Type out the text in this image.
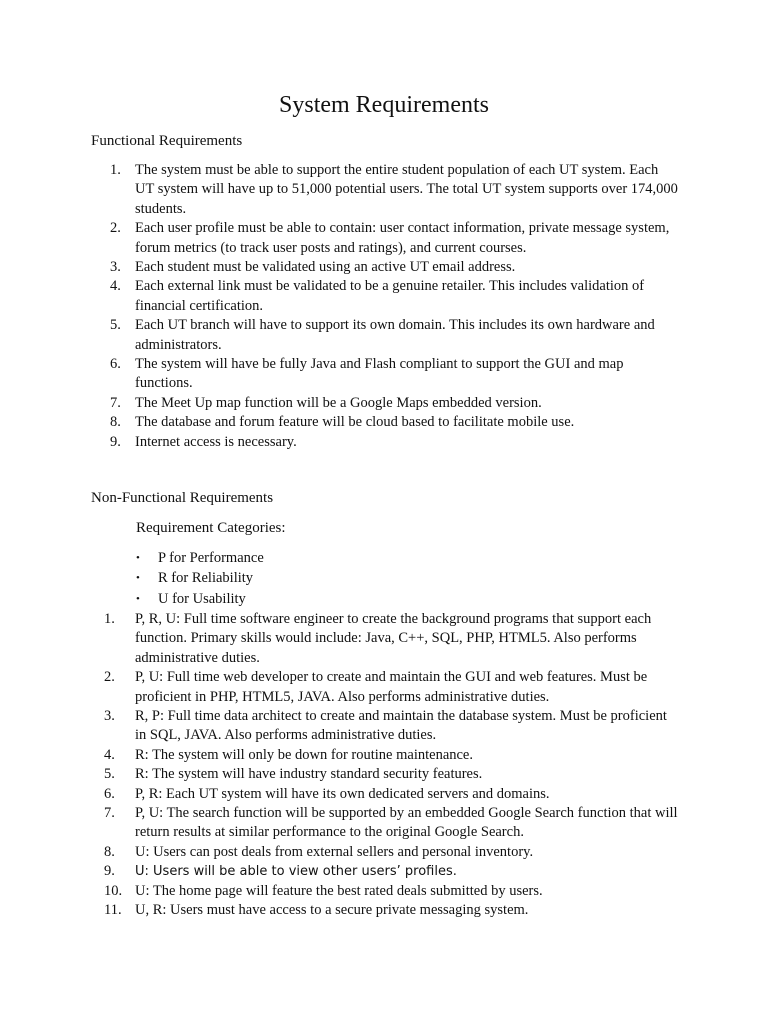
System Requirements
Functional Requirements
1. The system must be able to support the entire student population of each UT system. Each UT system will have up to 51,000 potential users. The total UT system supports over 174,000 students.
2. Each user profile must be able to contain: user contact information, private message system, forum metrics (to track user posts and ratings), and current courses.
3. Each student must be validated using an active UT email address.
4. Each external link must be validated to be a genuine retailer. This includes validation of financial certification.
5. Each UT branch will have to support its own domain. This includes its own hardware and administrators.
6. The system will have be fully Java and Flash compliant to support the GUI and map functions.
7. The Meet Up map function will be a Google Maps embedded version.
8. The database and forum feature will be cloud based to facilitate mobile use.
9. Internet access is necessary.
Non-Functional Requirements

Requirement Categories:

• P for Performance
• R for Reliability
• U for Usability
1.	P, R, U: Full time software engineer to create the background programs that support each function. Primary skills would include: Java, C++, SQL, PHP, HTML5. Also performs administrative duties.
2.	P, U: Full time web developer to create and maintain the GUI and web features. Must be proficient in PHP, HTML5, JAVA. Also performs administrative duties.
3.	R, P: Full time data architect to create and maintain the database system. Must be proficient in SQL, JAVA. Also performs administrative duties.
4.	R: The system will only be down for routine maintenance.
5.	R: The system will have industry standard security features.
6.	P, R: Each UT system will have its own dedicated servers and domains.
7.	P, U: The search function will be supported by an embedded Google Search function that will return results at similar performance to the original Google Search.
8.	U: Users can post deals from external sellers and personal inventory.
9.	U: Users will be able to view other users’ profiles.
10. U: The home page will feature the best rated deals submitted by users.
11. U, R: Users must have access to a secure private messaging system.
